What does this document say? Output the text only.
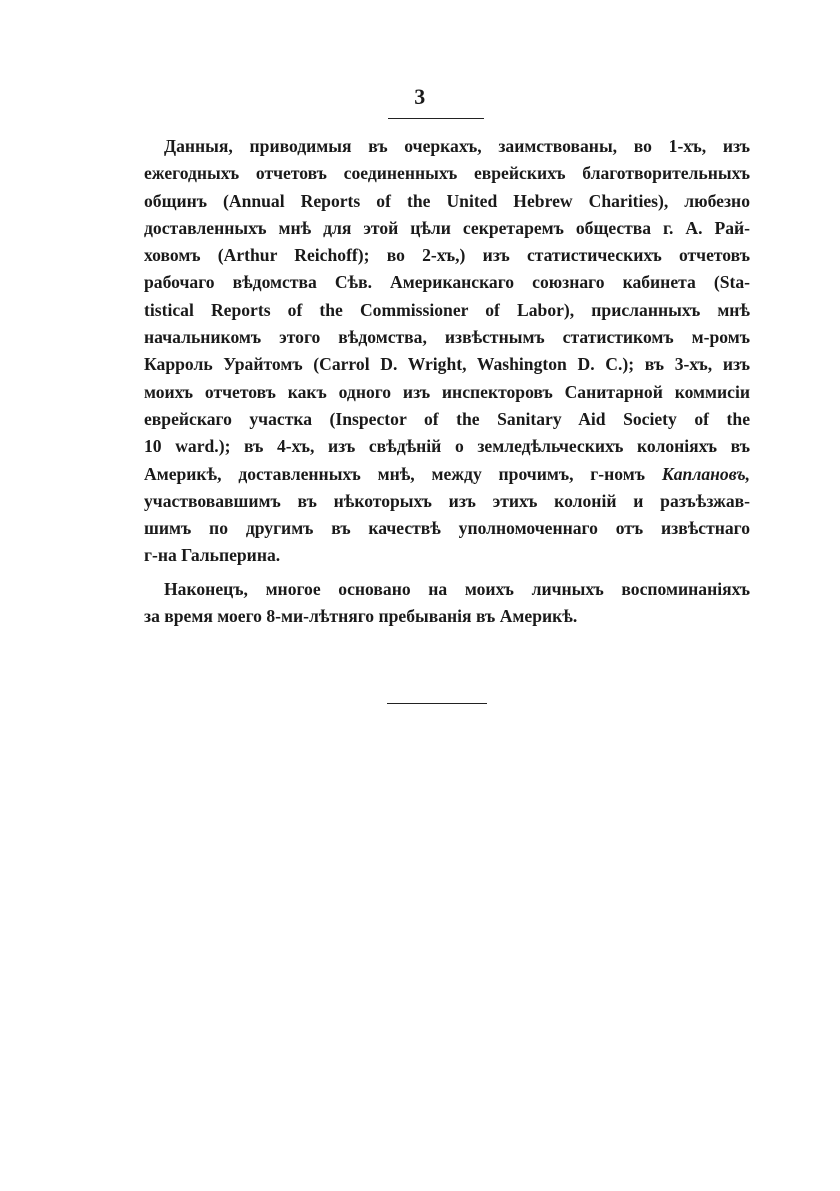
3
Данныя, приводимыя въ очеркахъ, заимствованы, во 1-хъ, изъ
ежегодныхъ отчетовъ соединенныхъ еврейскихъ благотворительныхъ
общинъ (Annual Reports of the United Hebrew Charities), любезно
доставленныхъ мнѣ для этой цѣли секретаремъ общества г. А. Рай-
ховомъ (Arthur Reichoff); во 2-хъ,) изъ статистическихъ отчетовъ
рабочаго вѣдомства Сѣв. Американскаго союзнаго кабинета (Sta-
tistical Reports of the Commissioner of Labor), присланныхъ мнѣ
начальникомъ этого вѣдомства, извѣстнымъ статистикомъ м-ромъ
Карроль Урайтомъ (Carrol D. Wright, Washington D. C.); въ 3-хъ, изъ
моихъ отчетовъ какъ одного изъ инспекторовъ Санитарной коммисіи
еврейскаго участка (Inspector of the Sanitary Aid Society of the
10 ward.); въ 4-хъ, изъ свѣдѣній о земледѣльческихъ колоніяхъ въ
Америкѣ, доставленныхъ мнѣ, между прочимъ, г-номъ Каплановъ,
участвовавшимъ въ нѣкоторыхъ изъ этихъ колоній и разъѣзжав-
шимъ по другимъ въ качествѣ уполномоченнаго отъ извѣстнаго
г-на Гальперина.
Наконецъ, многое основано на моихъ личныхъ воспоминаніяхъ
за время моего 8-ми-лѣтняго пребыванія въ Америкѣ.
